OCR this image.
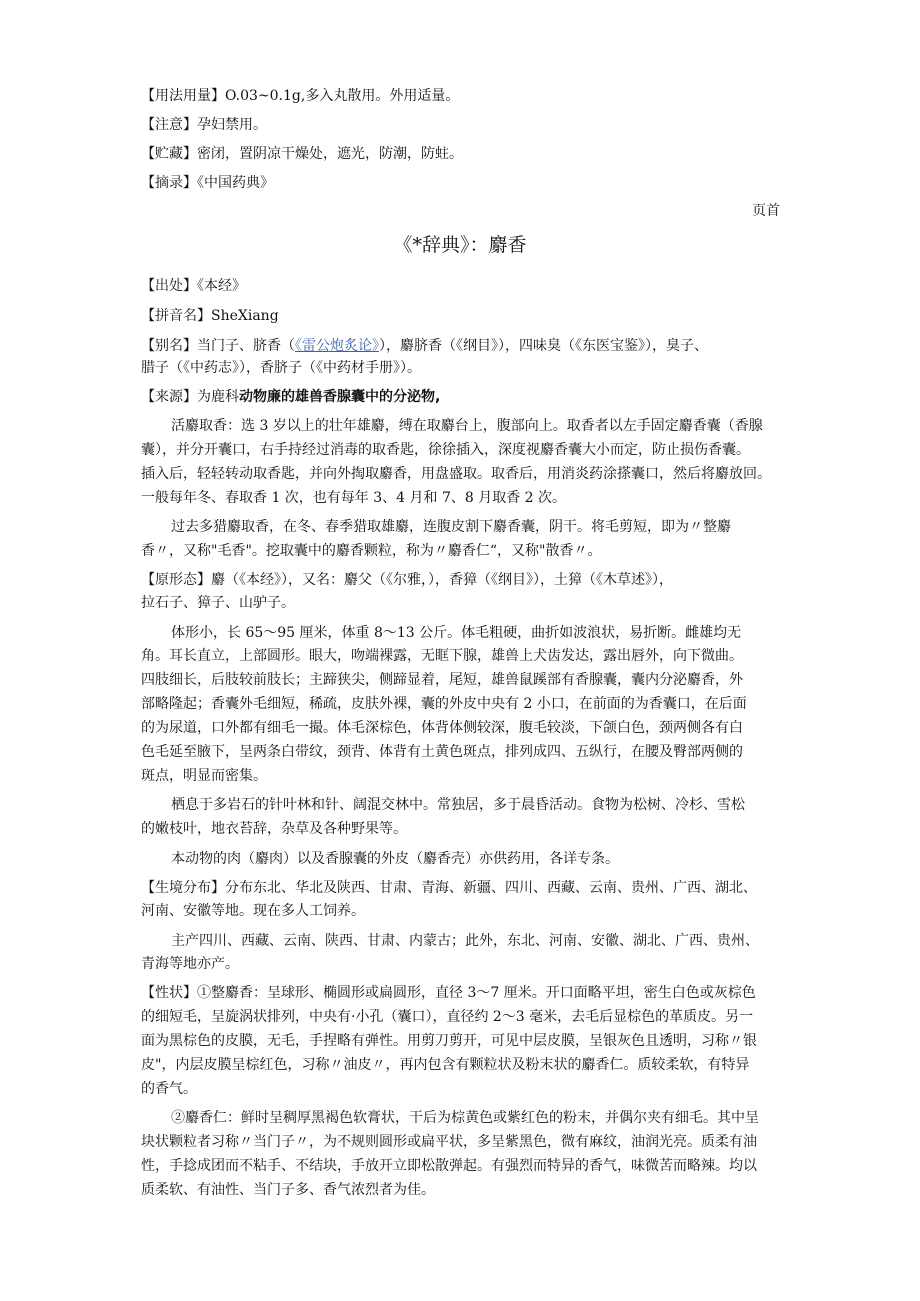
【用法用量】O.03~0.1g,多入丸散用。外用适量。
【注意】孕妇禁用。
【贮藏】密闭，置阴凉干燥处，遮光，防潮，防蛀。
【摘录】《中国药典》
页首
《*辞典》：麝香
【出处】《本经》
【拼音名】SheXiang
【别名】当门子、脐香（《雷公炮炙论》），麝脐香（《纲目》），四味臭（《东医宝鉴》），臭子、
腊子（《中药志》），香脐子（《中药材手册》）。
【来源】为鹿科动物廉的雄兽香腺囊中的分泌物,
活麝取香：选 3 岁以上的壮年雄麝，缚在取麝台上，腹部向上。取香者以左手固定麝香囊（香腺
囊），并分开囊口，右手持经过消毒的取香匙，徐徐插入，深度视麝香囊大小而定，防止损伤香囊。
插入后，轻轻转动取香匙，并向外掏取麝香，用盘盛取。取香后，用消炎药涂搽囊口，然后将麝放回。
一般每年冬、春取香 1 次，也有每年 3、4 月和 7、8 月取香 2 次。
过去多猎麝取香，在冬、春季猎取雄麝，连腹皮割下麝香囊，阴干。将毛剪短，即为〃整麝
香〃，又称"毛香"。挖取囊中的麝香颗粒，称为〃麝香仁“，又称"散香〃。
【原形态】麝（《本经》），又名：麝父（《尔雅，），香獐（《纲目》），土獐（《木草述》），
拉石子、獐子、山驴子。
体形小，长 65～95 厘米，体重 8～13 公斤。体毛粗硬，曲折如波浪状，易折断。雌雄均无
角。耳长直立，上部圆形。眼大，吻端裸露，无眶下腺，雄兽上犬齿发达，露出唇外，向下微曲。
四肢细长，后肢较前肢长；主蹄狭尖，侧蹄显着，尾短，雄兽鼠蹊部有香腺囊，囊内分泌麝香，外
部略隆起；香囊外毛细短，稀疏，皮肤外裸，囊的外皮中央有 2 小口，在前面的为香囊口，在后面
的为尿道，口外都有细毛一撮。体毛深棕色，体背体侧较深，腹毛较淡，下颌白色，颈两侧各有白
色毛延至腋下，呈两条白带纹，颈背、体背有土黄色斑点，排列成四、五纵行，在腰及臀部两侧的
斑点，明显而密集。
栖息于多岩石的针叶林和针、阔混交林中。常独居，多于晨昏活动。食物为松树、冷杉、雪松
的嫩枝叶，地衣苔辞，杂草及各种野果等。
本动物的肉（麝肉）以及香腺囊的外皮（麝香壳）亦供药用，各详专条。
【生境分布】分布东北、华北及陕西、甘肃、青海、新疆、四川、西藏、云南、贵州、广西、湖北、
河南、安徽等地。现在多人工饲养。
主产四川、西藏、云南、陕西、甘肃、内蒙古；此外，东北、河南、安徽、湖北、广西、贵州、
青海等地亦产。
【性状】①整麝香：呈球形、椭圆形或扁圆形，直径 3～7 厘米。开口面略平坦，密生白色或灰棕色
的细短毛，呈旋涡状排列，中央有·小孔（囊口），直径约 2～3 毫米，去毛后显棕色的革质皮。另一
面为黑棕色的皮膜，无毛，手捏略有弹性。用剪刀剪开，可见中层皮膜，呈银灰色且透明，习称〃银
皮"，内层皮膜呈棕红色，习称〃油皮〃，再内包含有颗粒状及粉末状的麝香仁。质较柔软，有特异
的香气。
②麝香仁：鲜时呈稠厚黑褐色软膏状，干后为棕黄色或紫红色的粉末，并偶尔夹有细毛。其中呈
块状颗粒者习称〃当门子〃，为不规则圆形或扁平状，多呈紫黑色，微有麻纹，油润光亮。质柔有油
性，手捻成团而不粘手、不结块，手放开立即松散弹起。有强烈而特异的香气，味微苦而略辣。均以
质柔软、有油性、当门子多、香气浓烈者为佳。
